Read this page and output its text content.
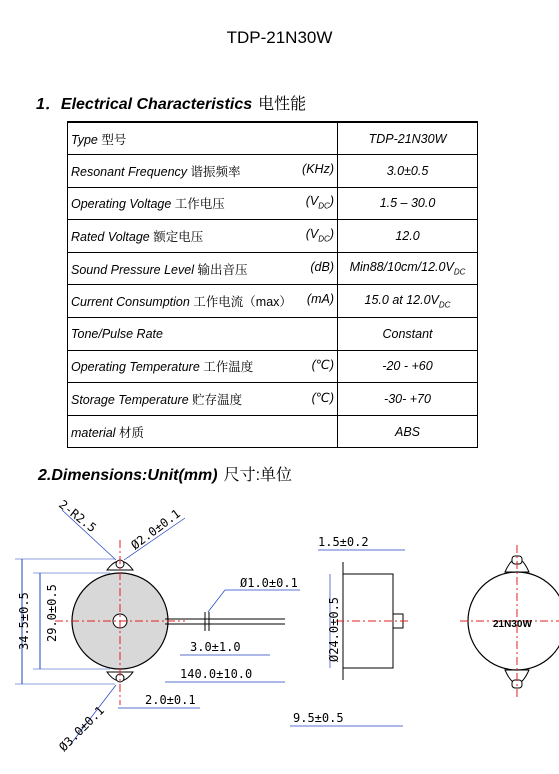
TDP-21N30W
1．Electrical Characteristics 电性能
Type 型号	TDP-21N30W
Resonant Frequency 谐振频率 (KHz)	3.0±0.5
Operating Voltage 工作电压 $(V_{DC})$	1.5 – 30.0
Rated Voltage 额定电压 $(V_{DC})$	12.0
Sound Pressure Level 输出音压 (dB)	$Min88/10cm/12.0V_{DC}$
Current Consumption 工作电流（max） (mA)	15.0 at $12.0V_{DC}$
Tone/Pulse Rate	Constant
Operating Temperature 工作温度 (℃)	-20 - +60
Storage Temperature 贮存温度 (℃)	-30- +70
material 材质	ABS
2.Dimensions:Unit(mm) 尺寸:单位
34.5±0.5 29.0±0.5
2-R2.5 Ø2.0±0.1
Ø1.0±0.1
3.0±1.0
140.0±10.0
2.0±0.1
Ø3.0±0.1
1.5±0.2
Ø24.0±0.5
9.5±0.5
21N30W
